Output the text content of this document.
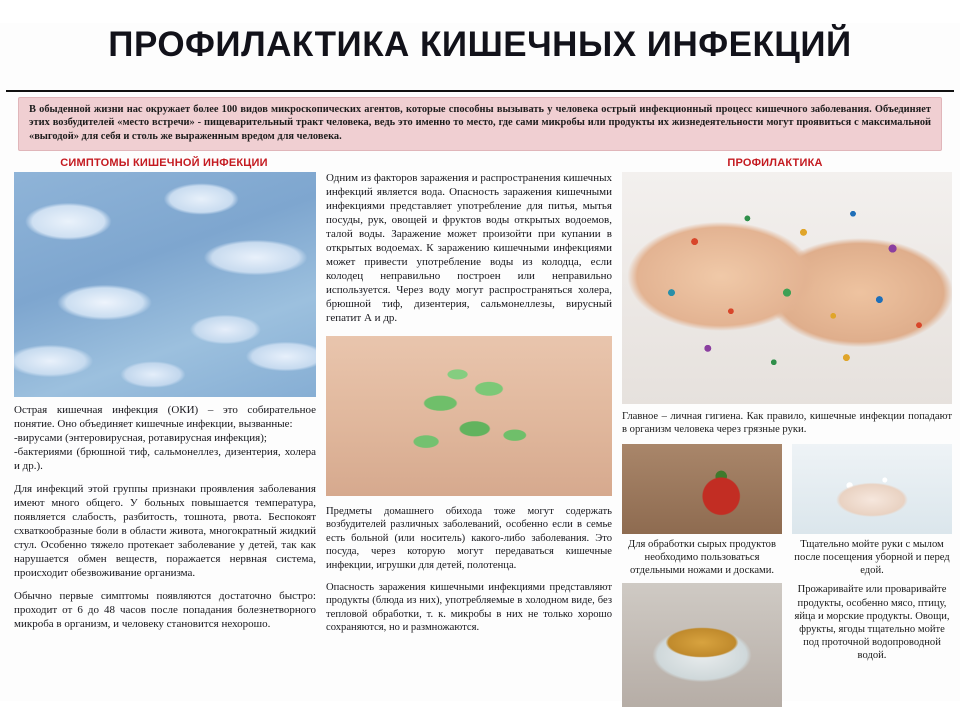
ПРОФИЛАКТИКА КИШЕЧНЫХ ИНФЕКЦИЙ
В обыденной жизни нас окружает более 100 видов микроскопических агентов, которые способны вызывать у человека острый инфекционный процесс кишечного заболевания. Объединяет этих возбудителей «место встречи» - пищеварительный тракт человека, ведь это именно то место, где сами микробы или продукты их жизнедеятельности могут проявиться с максимальной «выгодой» для себя и столь же выраженным вредом для человека.
СИМПТОМЫ КИШЕЧНОЙ ИНФЕКЦИИ	ПРОФИЛАКТИКА

Острая кишечная инфекция (ОКИ) – это собирательное понятие. Оно объединяет кишечные инфекции, вызванные:
-вирусами (энтеровирусная, ротавирусная инфекция);
-бактериями (брюшной тиф, сальмонеллез, дизентерия, холера и др.).

Для инфекций этой группы признаки проявления заболевания имеют много общего. У больных повышается температура, появляется слабость, разбитость, тошнота, рвота. Беспокоят схваткообразные боли в области живота, многократный жидкий стул. Особенно тяжело протекает заболевание у детей, так как нарушается обмен веществ, поражается нервная система, происходит обезвоживание организма.

Обычно первые симптомы появляются достаточно быстро: проходит от 6 до 48 часов после попадания болезнетворного микроба в организм, и человеку становится нехорошо.

Одним из факторов заражения и распространения кишечных инфекций является вода. Опасность заражения кишечными инфекциями представляет употребление для питья, мытья посуды, рук, овощей и фруктов воды открытых водоемов, талой воды. Заражение может произойти при купании в открытых водоемах. К заражению кишечными инфекциями может привести употребление воды из колодца, если колодец неправильно построен или неправильно используется. Через воду могут распространяться холера, брюшной тиф, дизентерия, сальмонеллезы, вирусный гепатит А и др.

Предметы домашнего обихода тоже могут содержать возбудителей различных заболеваний, особенно если в семье есть больной (или носитель) какого-либо заболевания. Это посуда, через которую могут передаваться кишечные инфекции, игрушки для детей, полотенца.

Опасность заражения кишечными инфекциями представляют продукты (блюда из них), употребляемые в холодном виде, без тепловой обработки, т. к. микробы в них не только хорошо сохраняются, но и размножаются.

Главное – личная гигиена. Как правило, кишечные инфекции попадают в организм человека через грязные руки.

Для обработки сырых продуктов необходимо пользоваться отдельными ножами и досками.

Тщательно мойте руки с мылом после посещения уборной и перед едой.

Прожаривайте или проваривайте продукты, особенно мясо, птицу, яйца и морские продукты. Овощи, фрукты, ягоды тщательно мойте под проточной водопроводной водой.
